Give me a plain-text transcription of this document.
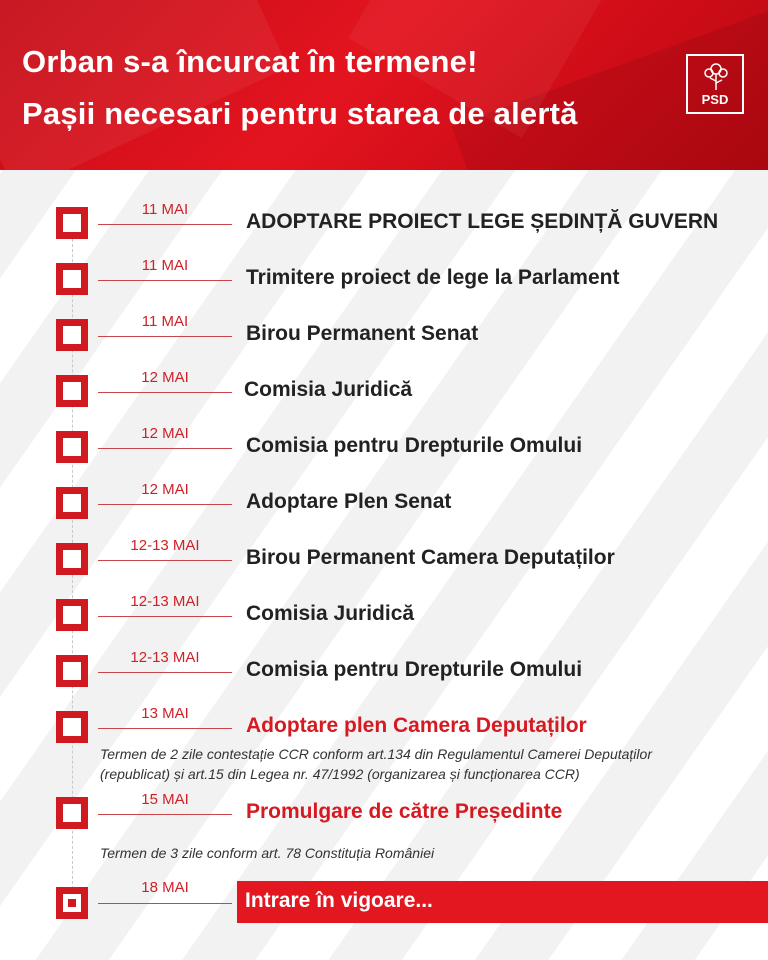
Orban s-a încurcat în termene!
Pașii necesari pentru starea de alertă	PSD
11 MAI
ADOPTARE PROIECT LEGE ȘEDINȚĂ GUVERN
11 MAI
Trimitere proiect de lege la Parlament
11 MAI
Birou Permanent Senat
12 MAI
Comisia Juridică
12 MAI
Comisia pentru Drepturile Omului
12 MAI
Adoptare Plen Senat
12-13 MAI
Birou Permanent Camera Deputaților
12-13 MAI
Comisia Juridică
12-13 MAI
Comisia pentru Drepturile Omului
13 MAI
Adoptare plen Camera Deputaților
Termen de 2 zile contestație CCR conform art.134 din Regulamentul Camerei Deputaților
(republicat) și art.15 din Legea nr. 47/1992 (organizarea și funcționarea CCR)
15 MAI
Promulgare de către Președinte
Termen de 3 zile conform art. 78 Constituția României
18 MAI
Intrare în vigoare...
